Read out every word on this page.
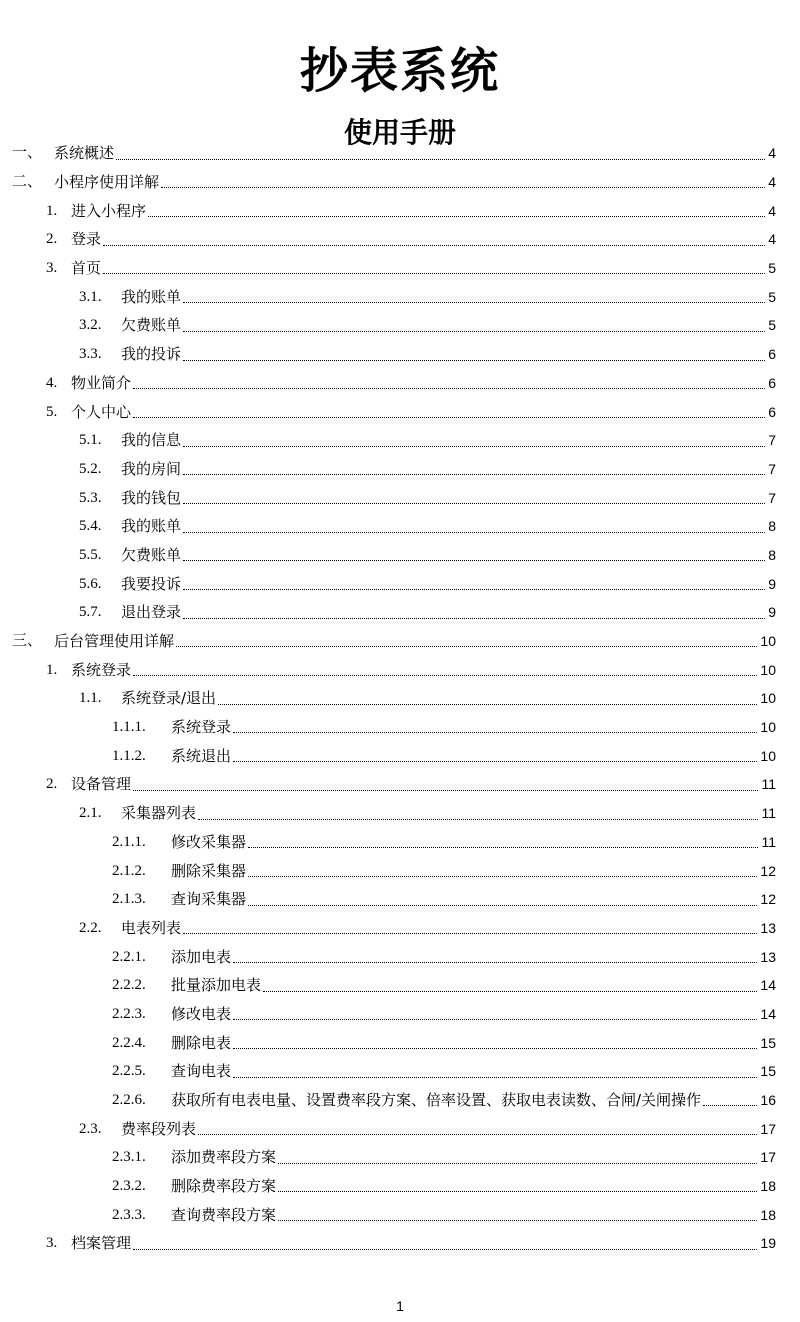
抄表系统
使用手册
一、 系统概述	4
二、 小程序使用详解	4
1. 进入小程序	4
2. 登录	4
3. 首页	5
3.1.	我的账单	5
3.2.	欠费账单	5
3.3.	我的投诉	6
4. 物业简介	6
5. 个人中心	6
5.1.	我的信息	7
5.2.	我的房间	7
5.3.	我的钱包	7
5.4.	我的账单	8
5.5.	欠费账单	8
5.6.	我要投诉	9
5.7.	退出登录	9
三、 后台管理使用详解	10
1. 系统登录	10
1.1.	系统登录/退出	10
1.1.1.	系统登录	10
1.1.2.	系统退出	10
2. 设备管理	11
2.1.	采集器列表	11
2.1.1.	修改采集器	11
2.1.2.	删除采集器	12
2.1.3.	查询采集器	12
2.2.	电表列表	13
2.2.1.	添加电表	13
2.2.2.	批量添加电表	14
2.2.3.	修改电表	14
2.2.4.	删除电表	15
2.2.5.	查询电表	15
2.2.6.	获取所有电表电量、设置费率段方案、倍率设置、获取电表读数、合闸/关闸操作	16
2.3.	费率段列表	17
2.3.1.	添加费率段方案	17
2.3.2.	删除费率段方案	18
2.3.3.	查询费率段方案	18
3. 档案管理	19
1
